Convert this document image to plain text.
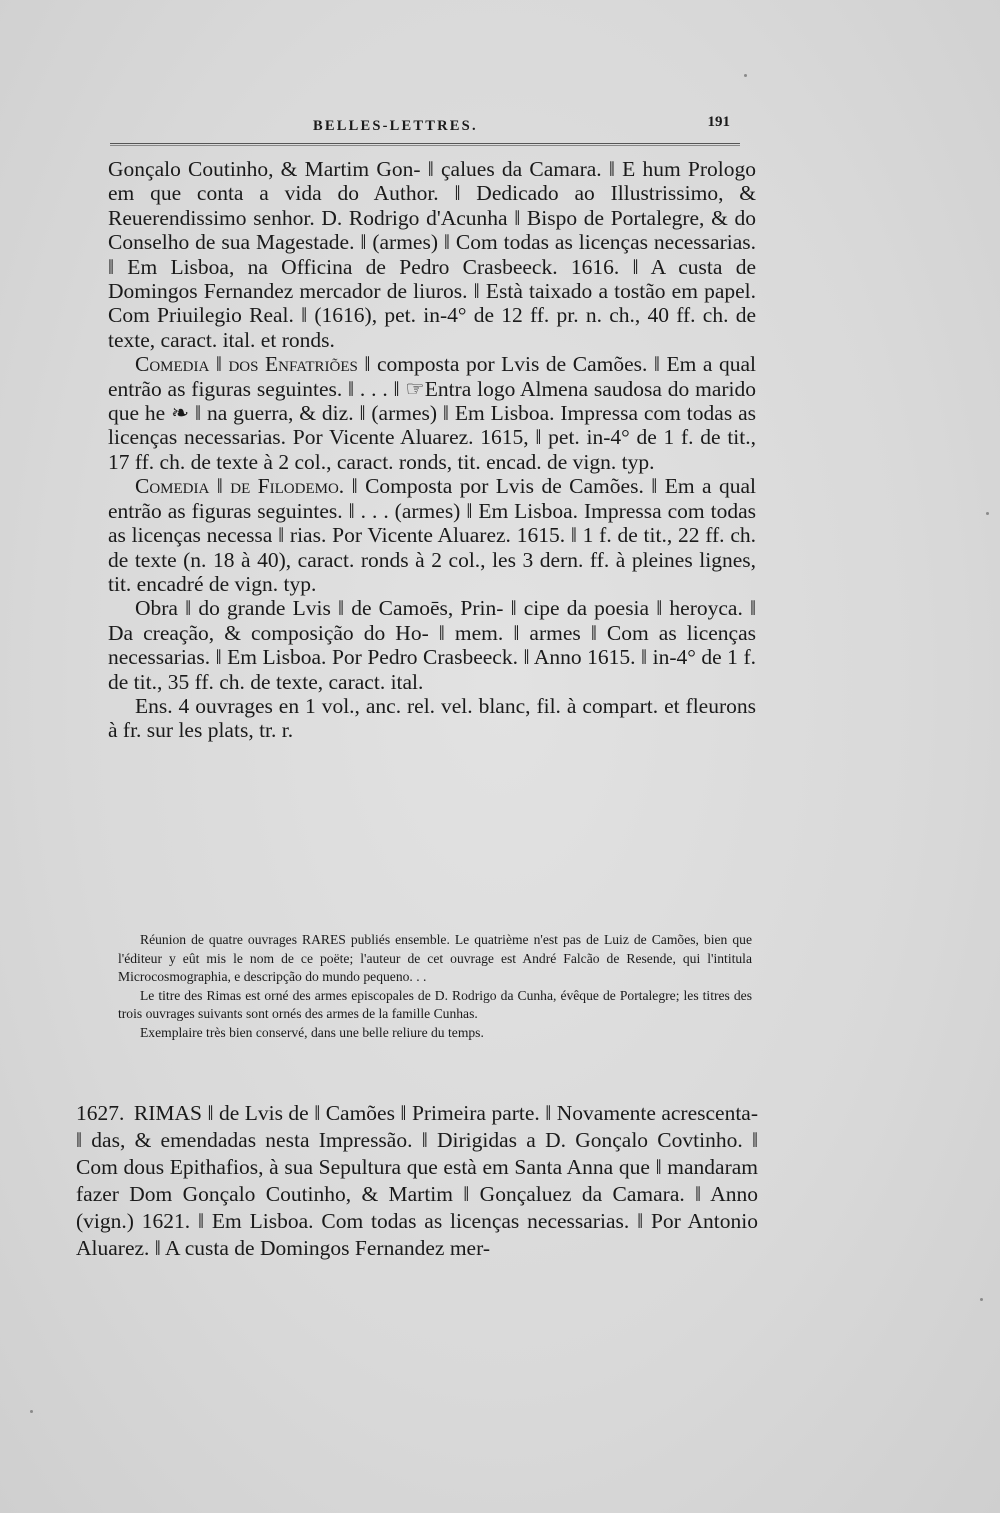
BELLES-LETTRES.	191

Gonçalo Coutinho, & Martim Gon- ‖ çalues da Camara. ‖ E hum Prologo em que conta a vida do Author. ‖ Dedicado ao Illustrissimo, & Reuerendissimo senhor. D. Rodrigo d'Acunha ‖ Bispo de Portalegre, & do Conselho de sua Magestade. ‖ (armes) ‖ Com todas as licenças necessarias. ‖ Em Lisboa, na Officina de Pedro Crasbeeck. 1616. ‖ A custa de Domingos Fernandez mercador de liuros. ‖ Està taixado a tostão em papel. Com Priuilegio Real. ‖ (1616), pet. in-4° de 12 ff. pr. n. ch., 40 ff. ch. de texte, caract. ital. et ronds.

Comedia ‖ dos Enfatriões ‖ composta por Lvis de Camões. ‖ Em a qual entrão as figuras seguintes. ‖ . . . ‖ ☞Entra logo Almena saudosa do marido que he ❧ ‖ na guerra, & diz. ‖ (armes) ‖ Em Lisboa. Impressa com todas as licenças necessarias. Por Vicente Aluarez. 1615, ‖ pet. in-4° de 1 f. de tit., 17 ff. ch. de texte à 2 col., caract. ronds, tit. encad. de vign. typ.

Comedia ‖ de Filodemo. ‖ Composta por Lvis de Camões. ‖ Em a qual entrão as figuras seguintes. ‖ . . . (armes) ‖ Em Lisboa. Impressa com todas as licenças necessa ‖ rias. Por Vicente Aluarez. 1615. ‖ 1 f. de tit., 22 ff. ch. de texte (n. 18 à 40), caract. ronds à 2 col., les 3 dern. ff. à pleines lignes, tit. encadré de vign. typ.

Obra ‖ do grande Lvis ‖ de Camoēs, Prin- ‖ cipe da poesia ‖ heroyca. ‖ Da creação, & composição do Ho- ‖ mem. ‖ armes ‖ Com as licenças necessarias. ‖ Em Lisboa. Por Pedro Crasbeeck. ‖ Anno 1615. ‖ in-4° de 1 f. de tit., 35 ff. ch. de texte, caract. ital.

Ens. 4 ouvrages en 1 vol., anc. rel. vel. blanc, fil. à compart. et fleurons à fr. sur les plats, tr. r.

Réunion de quatre ouvrages RARES publiés ensemble. Le quatrième n'est pas de Luiz de Camões, bien que l'éditeur y eût mis le nom de ce poëte; l'auteur de cet ouvrage est André Falcão de Resende, qui l'intitula Microcosmographia, e descripção do mundo pequeno. . .

Le titre des Rimas est orné des armes episcopales de D. Rodrigo da Cunha, évêque de Portalegre; les titres des trois ouvrages suivants sont ornés des armes de la famille Cunhas.

Exemplaire très bien conservé, dans une belle reliure du temps.

1627. RIMAS ‖ de Lvis de ‖ Camões ‖ Primeira parte. ‖ Novamente acrescenta- ‖ das, & emendadas nesta Impressão. ‖ Dirigidas a D. Gonçalo Covtinho. ‖ Com dous Epithafios, à sua Sepultura que està em Santa Anna que ‖ mandaram fazer Dom Gonçalo Coutinho, & Martim ‖ Gonçaluez da Camara. ‖ Anno (vign.) 1621. ‖ Em Lisboa. Com todas as licenças necessarias. ‖ Por Antonio Aluarez. ‖ A custa de Domingos Fernandez mer-
